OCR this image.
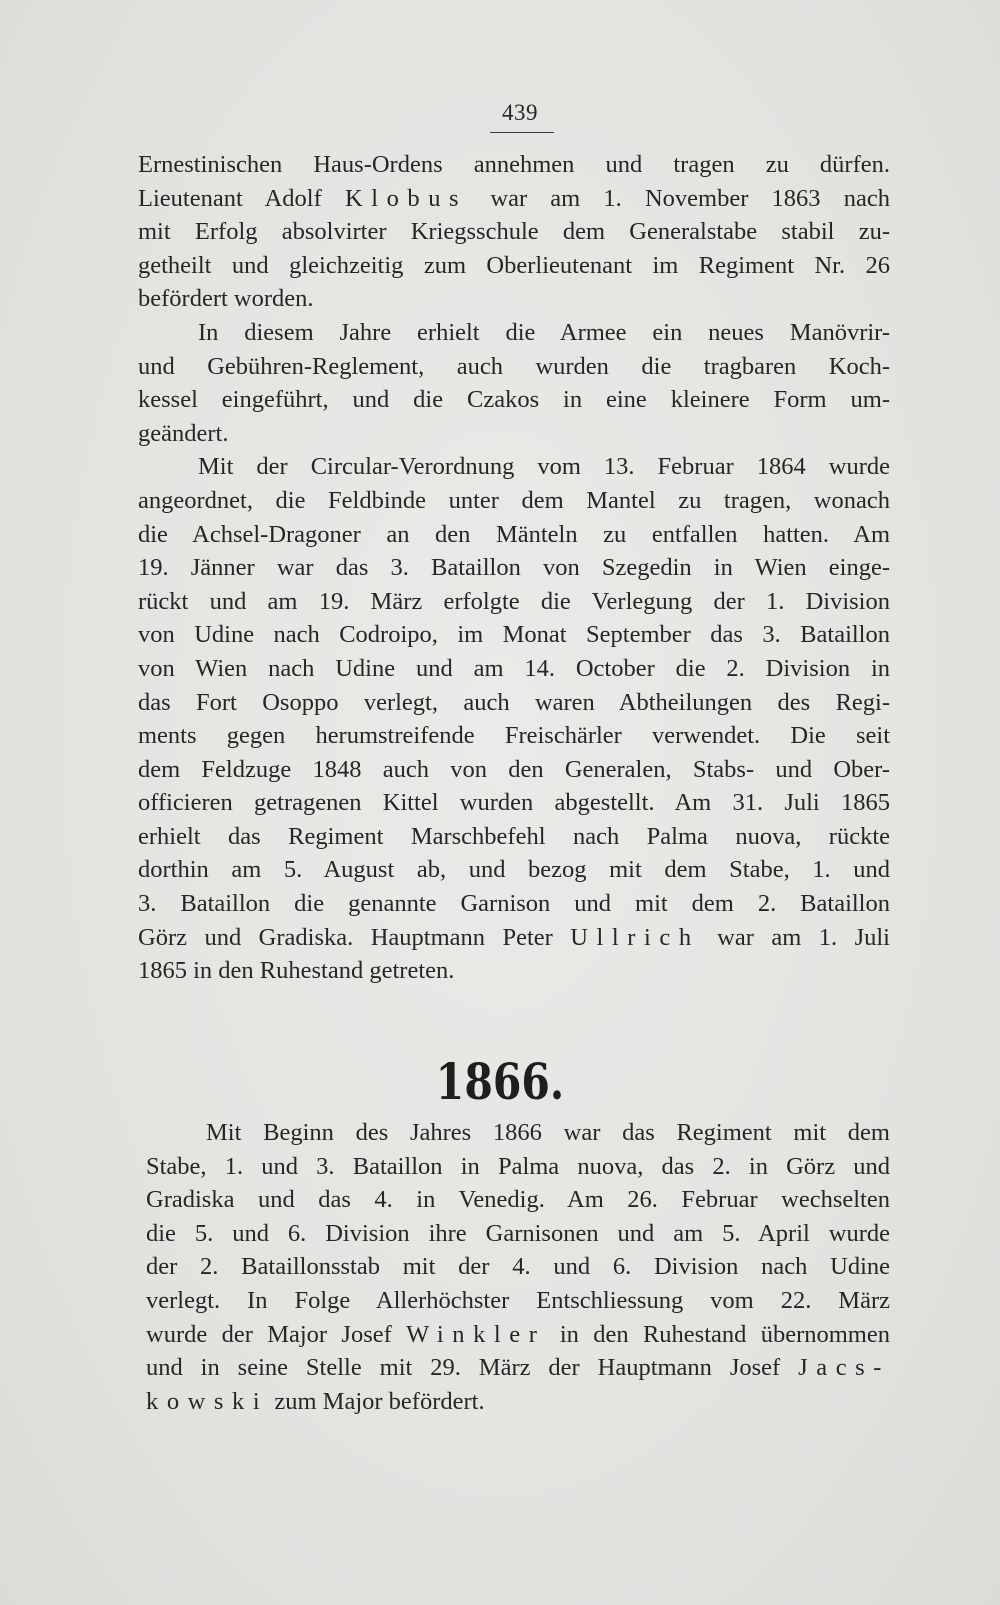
439
Ernestinischen Haus-Ordens annehmen und tragen zu dürfen.
Lieutenant Adolf Klobus war am 1. November 1863 nach
mit Erfolg absolvirter Kriegsschule dem Generalstabe stabil zu-
getheilt und gleichzeitig zum Oberlieutenant im Regiment Nr. 26
befördert worden.
In diesem Jahre erhielt die Armee ein neues Manövrir-
und Gebühren-Reglement, auch wurden die tragbaren Koch-
kessel eingeführt, und die Czakos in eine kleinere Form um-
geändert.
Mit der Circular-Verordnung vom 13. Februar 1864 wurde
angeordnet, die Feldbinde unter dem Mantel zu tragen, wonach
die Achsel-Dragoner an den Mänteln zu entfallen hatten. Am
19. Jänner war das 3. Bataillon von Szegedin in Wien einge-
rückt und am 19. März erfolgte die Verlegung der 1. Division
von Udine nach Codroipo, im Monat September das 3. Bataillon
von Wien nach Udine und am 14. October die 2. Division in
das Fort Osoppo verlegt, auch waren Abtheilungen des Regi-
ments gegen herumstreifende Freischärler verwendet. Die seit
dem Feldzuge 1848 auch von den Generalen, Stabs- und Ober-
officieren getragenen Kittel wurden abgestellt. Am 31. Juli 1865
erhielt das Regiment Marschbefehl nach Palma nuova, rückte
dorthin am 5. August ab, und bezog mit dem Stabe, 1. und
3. Bataillon die genannte Garnison und mit dem 2. Bataillon
Görz und Gradiska. Hauptmann Peter Ullrich war am 1. Juli
1865 in den Ruhestand getreten.
1866.
Mit Beginn des Jahres 1866 war das Regiment mit dem
Stabe, 1. und 3. Bataillon in Palma nuova, das 2. in Görz und
Gradiska und das 4. in Venedig. Am 26. Februar wechselten
die 5. und 6. Division ihre Garnisonen und am 5. April wurde
der 2. Bataillonsstab mit der 4. und 6. Division nach Udine
verlegt. In Folge Allerhöchster Entschliessung vom 22. März
wurde der Major Josef Winkler in den Ruhestand übernommen
und in seine Stelle mit 29. März der Hauptmann Josef Jacs-
kowski zum Major befördert.
